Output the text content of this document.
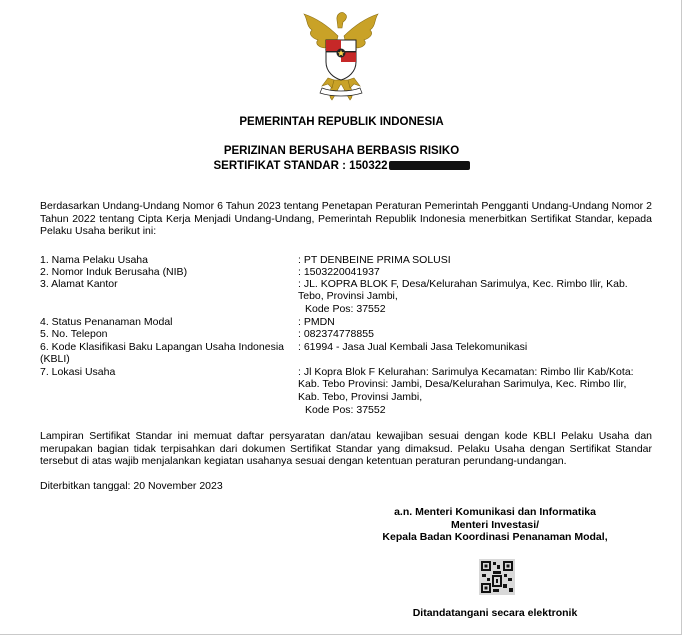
PEMERINTAH REPUBLIK INDONESIA
PERIZINAN BERUSAHA BERBASIS RISIKO
SERTIFIKAT STANDAR : 150322
Berdasarkan Undang-Undang Nomor 6 Tahun 2023 tentang Penetapan Peraturan Pemerintah Pengganti Undang-Undang Nomor 2 Tahun 2022 tentang Cipta Kerja Menjadi Undang-Undang, Pemerintah Republik Indonesia menerbitkan Sertifikat Standar, kepada Pelaku Usaha berikut ini:
1. Nama Pelaku Usaha	: PT DENBEINE PRIMA SOLUSI
2. Nomor Induk Berusaha (NIB)	: 1503220041937
3. Alamat Kantor	: JL. KOPRA BLOK F, Desa/Kelurahan Sarimulya, Kec. Rimbo Ilir, Kab. Tebo, Provinsi Jambi,
Kode Pos: 37552
4. Status Penanaman Modal	: PMDN
5. No. Telepon	: 082374778855
6. Kode Klasifikasi Baku Lapangan Usaha Indonesia (KBLI)
: 61994 - Jasa Jual Kembali Jasa Telekomunikasi
7. Lokasi Usaha	: Jl Kopra Blok F Kelurahan: Sarimulya Kecamatan: Rimbo Ilir Kab/Kota: Kab. Tebo Provinsi: Jambi, Desa/Kelurahan Sarimulya, Kec. Rimbo Ilir, Kab. Tebo, Provinsi Jambi,
Kode Pos: 37552
Lampiran Sertifikat Standar ini memuat daftar persyaratan dan/atau kewajiban sesuai dengan kode KBLI Pelaku Usaha dan merupakan bagian tidak terpisahkan dari dokumen Sertifikat Standar yang dimaksud. Pelaku Usaha dengan Sertifikat Standar tersebut di atas wajib menjalankan kegiatan usahanya sesuai dengan ketentuan peraturan perundang-undangan.
Diterbitkan tanggal: 20 November 2023
a.n. Menteri Komunikasi dan Informatika
Menteri Investasi/
Kepala Badan Koordinasi Penanaman Modal,
Ditandatangani secara elektronik
